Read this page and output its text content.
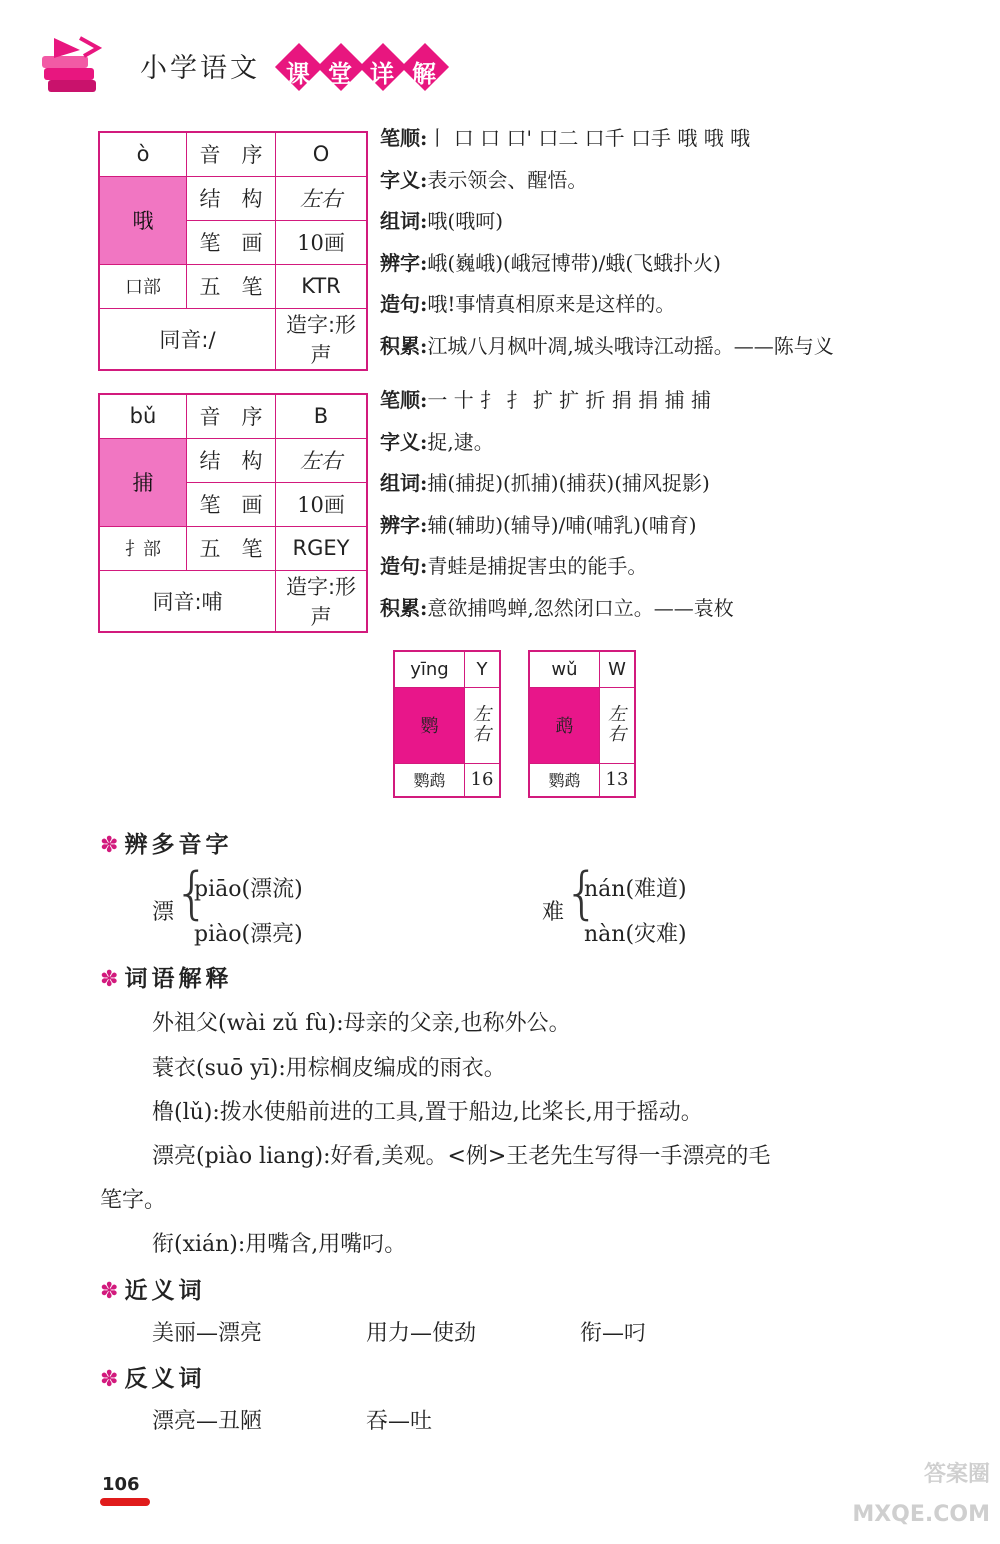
小学语文	课 堂 详 解
ò	音　序	O
哦	结　构	左右
	笔　画	10画
口部	五　笔	KTR
同音:/		造字:形声
笔顺:丨 口 口 口' 口二 口千 口手 哦 哦 哦
字义:表示领会、醒悟。
组词:哦(哦呵)
辨字:峨(巍峨)(峨冠博带)/蛾(飞蛾扑火)
造句:哦!事情真相原来是这样的。
积累:江城八月枫叶凋,城头哦诗江动摇。——陈与义
bǔ	音　序	B
捕	结　构	左右
	笔　画	10画
扌部	五　笔	RGEY
同音:哺		造字:形声
笔顺:一 十 扌 扌 扩 扩 折 捐 捐 捕 捕
字义:捉,逮。
组词:捕(捕捉)(抓捕)(捕获)(捕风捉影)
辨字:辅(辅助)(辅导)/哺(哺乳)(哺育)
造句:青蛙是捕捉害虫的能手。
积累:意欲捕鸣蝉,忽然闭口立。——袁枚
yīng	Y
鹦	左右
鹦鹉	16
wǔ	W
鹉	左右
鹦鹉	13
✽辨多音字
漂 {
piāo(漂流)
piào(漂亮)
难 {
nán(难道)
nàn(灾难)
✽词语解释
外祖父(wài zǔ fù):母亲的父亲,也称外公。
蓑衣(suō yī):用棕榈皮编成的雨衣。
橹(lǔ):拨水使船前进的工具,置于船边,比桨长,用于摇动。
漂亮(piào liang):好看,美观。<例>王老先生写得一手漂亮的毛
笔字。
衔(xián):用嘴含,用嘴叼。
✽近义词
美丽—漂亮	用力—使劲	衔—叼
✽反义词
漂亮—丑陋	吞—吐
106	答案圈 MXQE.COM
